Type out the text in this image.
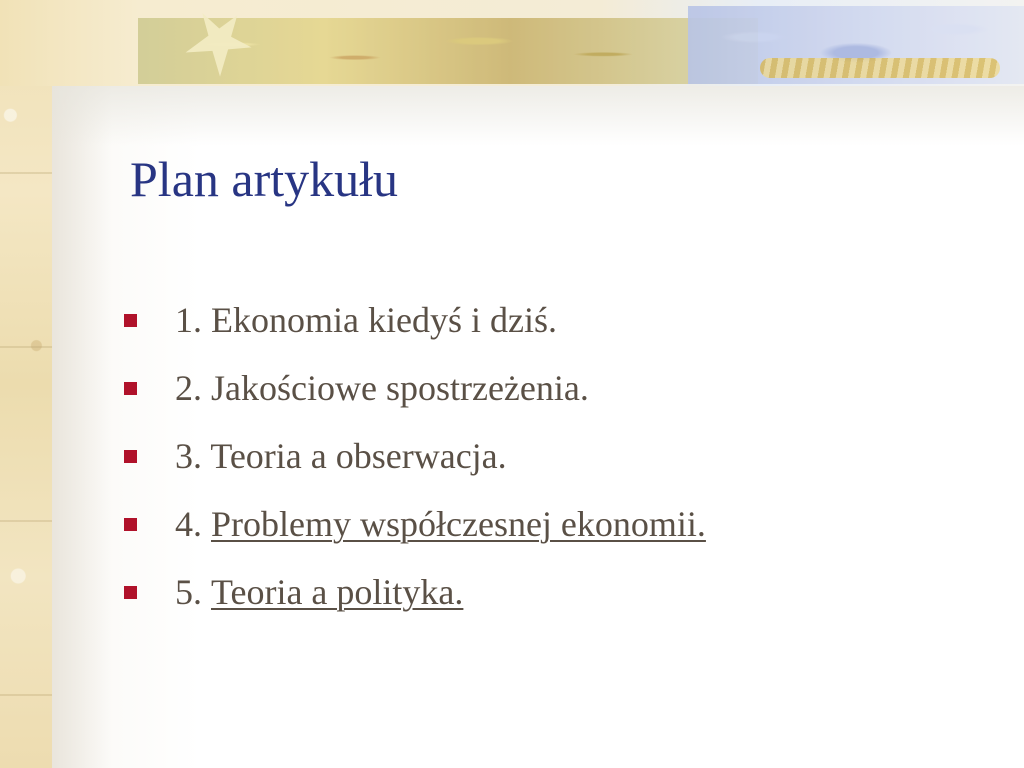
Plan artykułu
1. Ekonomia kiedyś i dziś.
2. Jakościowe spostrzeżenia.
3. Teoria a obserwacja.
4. Problemy współczesnej ekonomii.
5. Teoria a polityka.
